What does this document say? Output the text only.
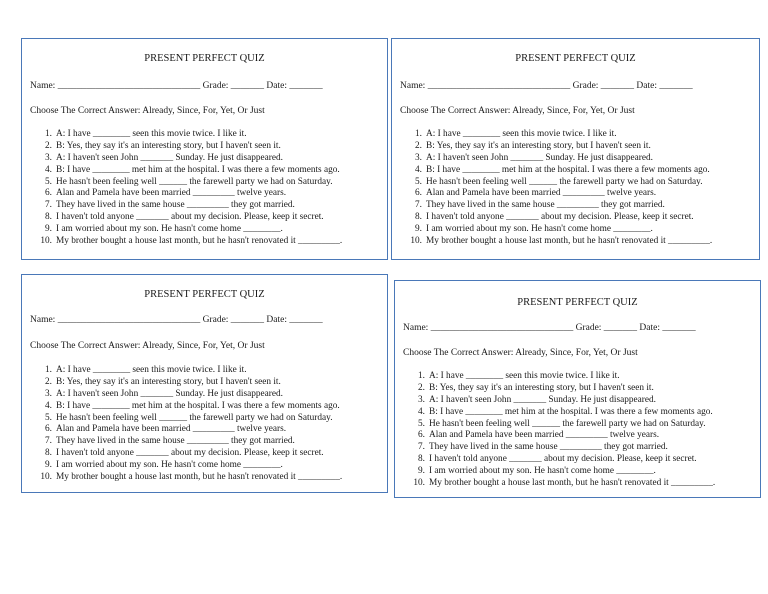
PRESENT PERFECT QUIZ
Name: ______________________________ Grade: _______ Date: _______
Choose The Correct Answer: Already, Since, For, Yet, Or Just
1. A: I have ________ seen this movie twice. I like it.
2. B: Yes, they say it's an interesting story, but I haven't seen it.
3. A: I haven't seen John _______ Sunday. He just disappeared.
4. B: I have ________ met him at the hospital. I was there a few moments ago.
5. He hasn't been feeling well ______ the farewell party we had on Saturday.
6. Alan and Pamela have been married _________ twelve years.
7. They have lived in the same house _________ they got married.
8. I haven't told anyone _______ about my decision. Please, keep it secret.
9. I am worried about my son. He hasn't come home ________.
10. My brother bought a house last month, but he hasn't renovated it _________.
PRESENT PERFECT QUIZ
Name: ______________________________ Grade: _______ Date: _______
Choose The Correct Answer: Already, Since, For, Yet, Or Just
1. A: I have ________ seen this movie twice. I like it.
2. B: Yes, they say it's an interesting story, but I haven't seen it.
3. A: I haven't seen John _______ Sunday. He just disappeared.
4. B: I have ________ met him at the hospital. I was there a few moments ago.
5. He hasn't been feeling well ______ the farewell party we had on Saturday.
6. Alan and Pamela have been married _________ twelve years.
7. They have lived in the same house _________ they got married.
8. I haven't told anyone _______ about my decision. Please, keep it secret.
9. I am worried about my son. He hasn't come home ________.
10. My brother bought a house last month, but he hasn't renovated it _________.
PRESENT PERFECT QUIZ
Name: ______________________________ Grade: _______ Date: _______
Choose The Correct Answer: Already, Since, For, Yet, Or Just
1. A: I have ________ seen this movie twice. I like it.
2. B: Yes, they say it's an interesting story, but I haven't seen it.
3. A: I haven't seen John _______ Sunday. He just disappeared.
4. B: I have ________ met him at the hospital. I was there a few moments ago.
5. He hasn't been feeling well ______ the farewell party we had on Saturday.
6. Alan and Pamela have been married _________ twelve years.
7. They have lived in the same house _________ they got married.
8. I haven't told anyone _______ about my decision. Please, keep it secret.
9. I am worried about my son. He hasn't come home ________.
10. My brother bought a house last month, but he hasn't renovated it _________.
PRESENT PERFECT QUIZ
Name: ______________________________ Grade: _______ Date: _______
Choose The Correct Answer: Already, Since, For, Yet, Or Just
1. A: I have ________ seen this movie twice. I like it.
2. B: Yes, they say it's an interesting story, but I haven't seen it.
3. A: I haven't seen John _______ Sunday. He just disappeared.
4. B: I have ________ met him at the hospital. I was there a few moments ago.
5. He hasn't been feeling well ______ the farewell party we had on Saturday.
6. Alan and Pamela have been married _________ twelve years.
7. They have lived in the same house _________ they got married.
8. I haven't told anyone _______ about my decision. Please, keep it secret.
9. I am worried about my son. He hasn't come home ________.
10. My brother bought a house last month, but he hasn't renovated it _________.
